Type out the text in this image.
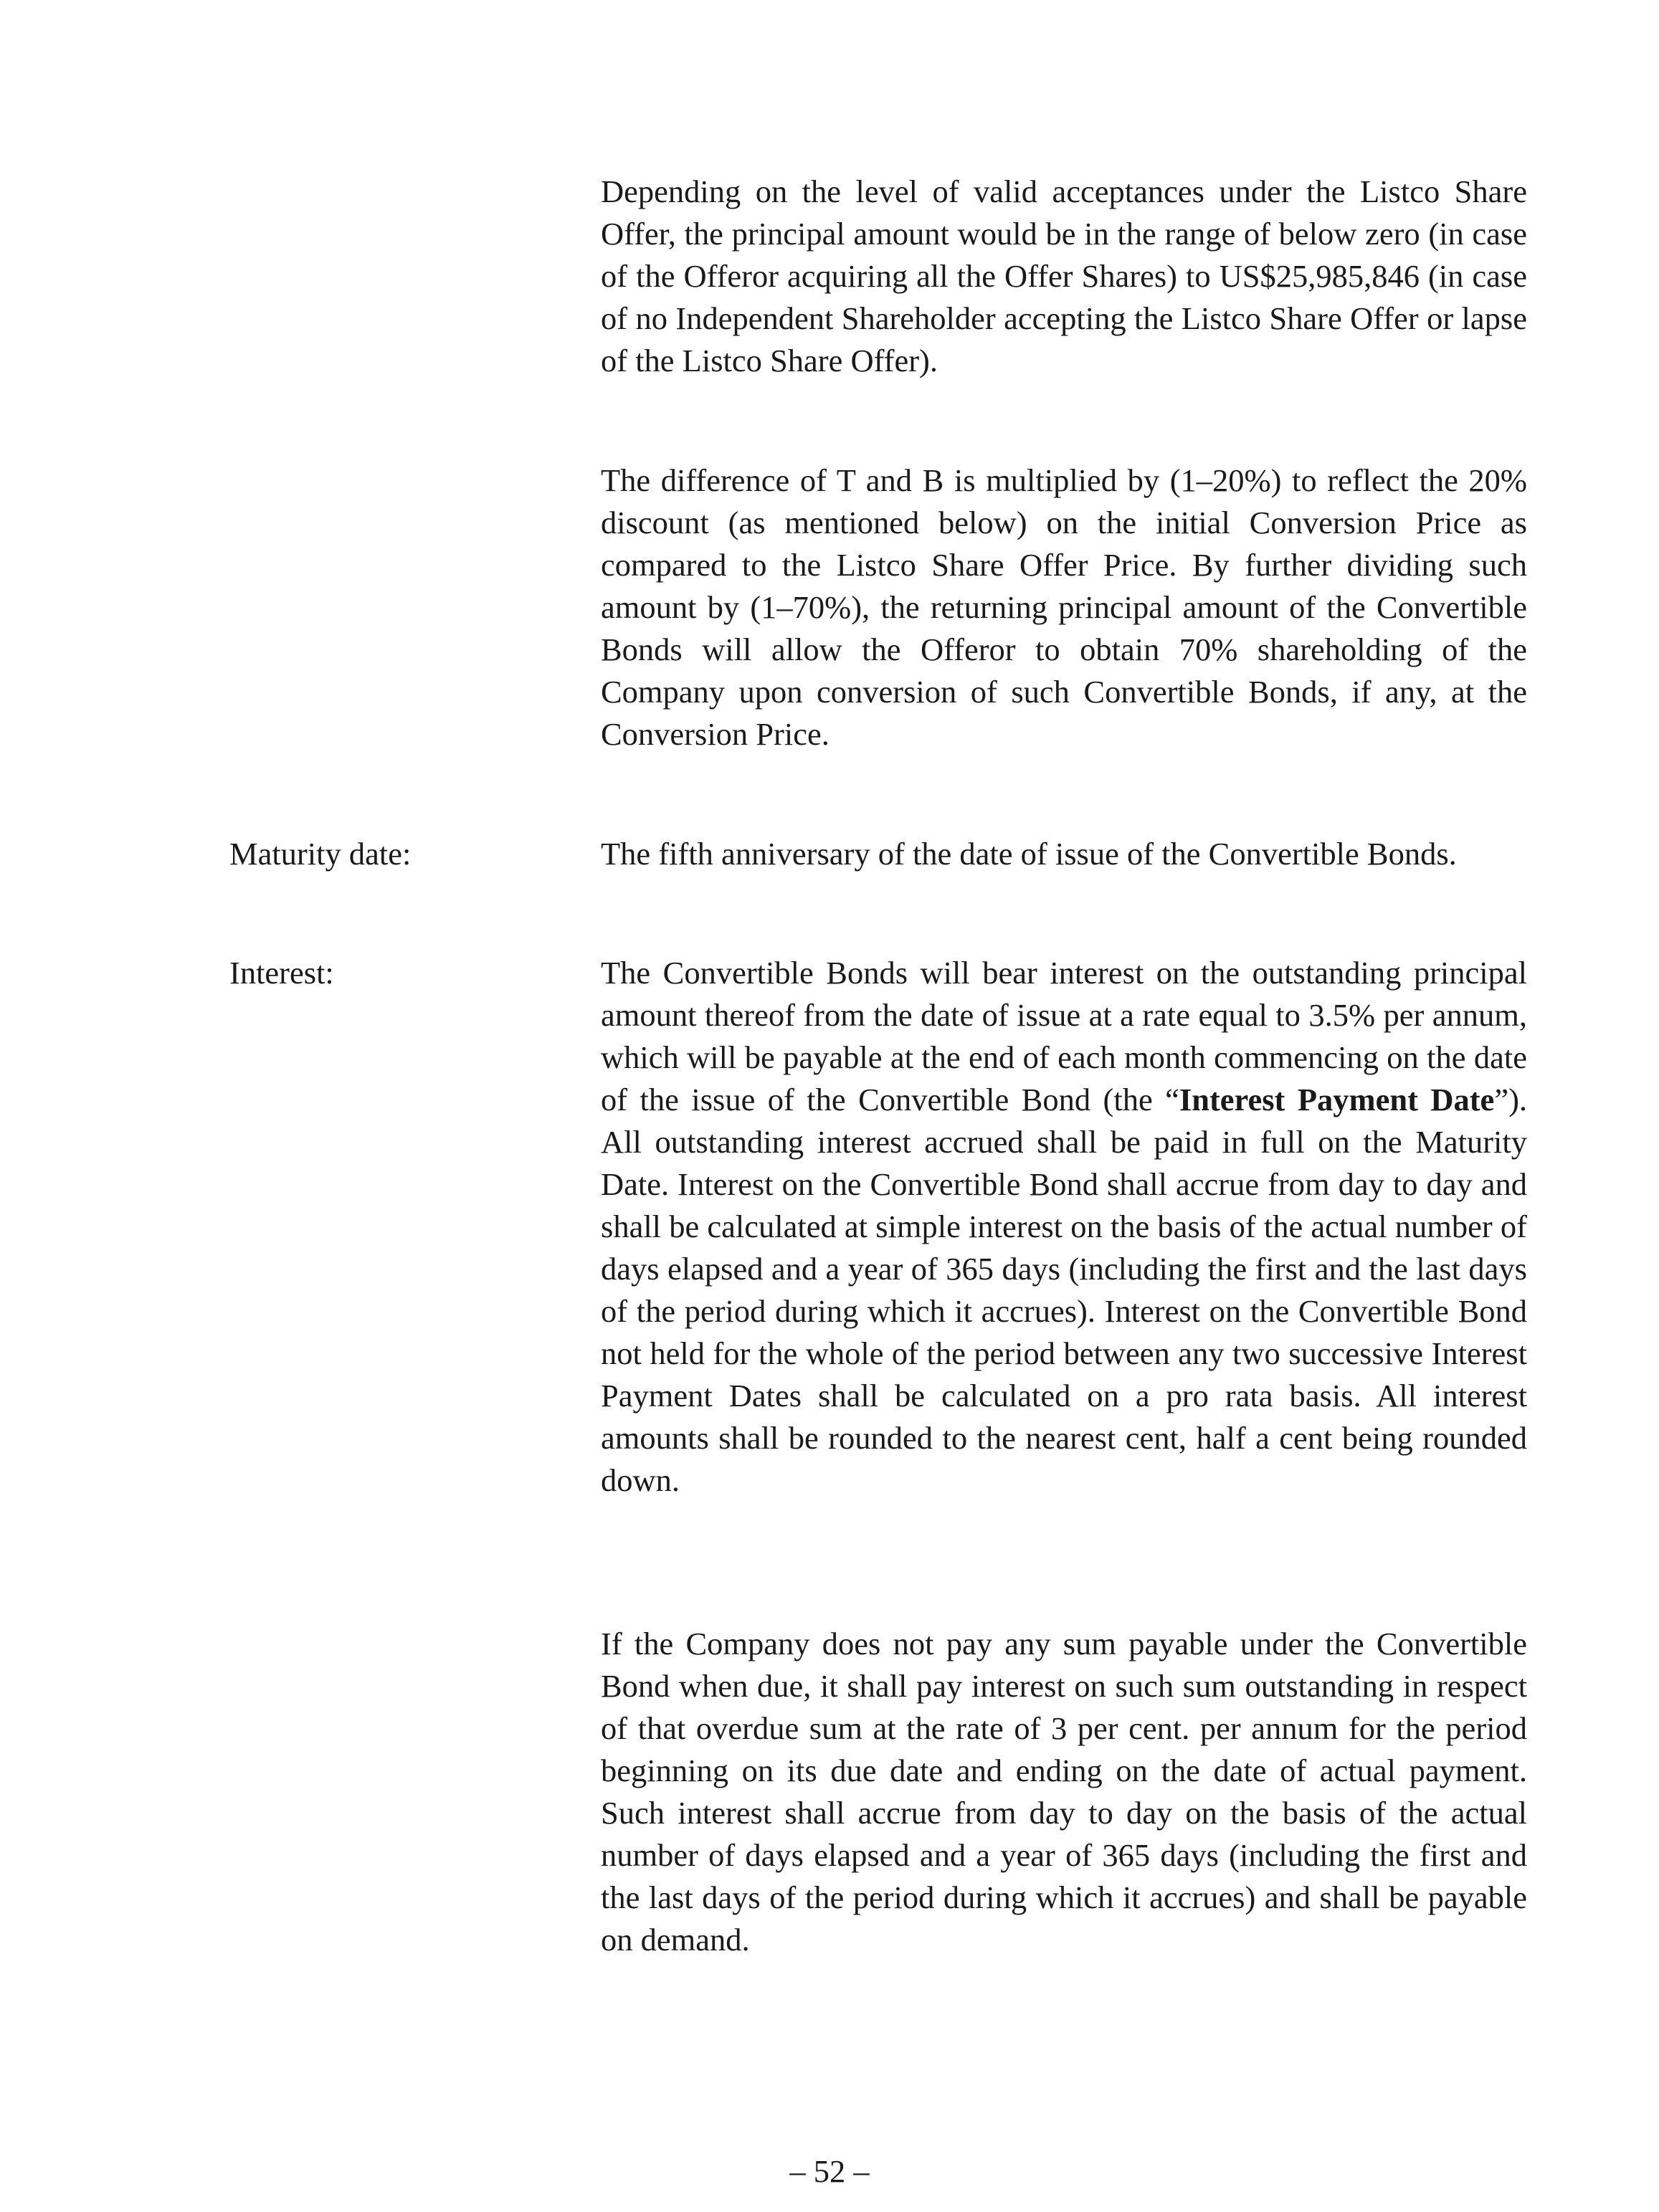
Depending on the level of valid acceptances under the Listco Share Offer, the principal amount would be in the range of below zero (in case of the Offeror acquiring all the Offer Shares) to US$25,985,846 (in case of no Independent Shareholder accepting the Listco Share Offer or lapse of the Listco Share Offer).

The difference of T and B is multiplied by (1–20%) to reflect the 20% discount (as mentioned below) on the initial Conversion Price as compared to the Listco Share Offer Price. By further dividing such amount by (1–70%), the returning principal amount of the Convertible Bonds will allow the Offeror to obtain 70% shareholding of the Company upon conversion of such Convertible Bonds, if any, at the Conversion Price.

Maturity date:	The fifth anniversary of the date of issue of the Convertible Bonds.

Interest:	The Convertible Bonds will bear interest on the outstanding principal amount thereof from the date of issue at a rate equal to 3.5% per annum, which will be payable at the end of each month commencing on the date of the issue of the Convertible Bond (the “Interest Payment Date”). All outstanding interest accrued shall be paid in full on the Maturity Date. Interest on the Convertible Bond shall accrue from day to day and shall be calculated at simple interest on the basis of the actual number of days elapsed and a year of 365 days (including the first and the last days of the period during which it accrues). Interest on the Convertible Bond not held for the whole of the period between any two successive Interest Payment Dates shall be calculated on a pro rata basis. All interest amounts shall be rounded to the nearest cent, half a cent being rounded down.

If the Company does not pay any sum payable under the Convertible Bond when due, it shall pay interest on such sum outstanding in respect of that overdue sum at the rate of 3 per cent. per annum for the period beginning on its due date and ending on the date of actual payment. Such interest shall accrue from day to day on the basis of the actual number of days elapsed and a year of 365 days (including the first and the last days of the period during which it accrues) and shall be payable on demand.

– 52 –
